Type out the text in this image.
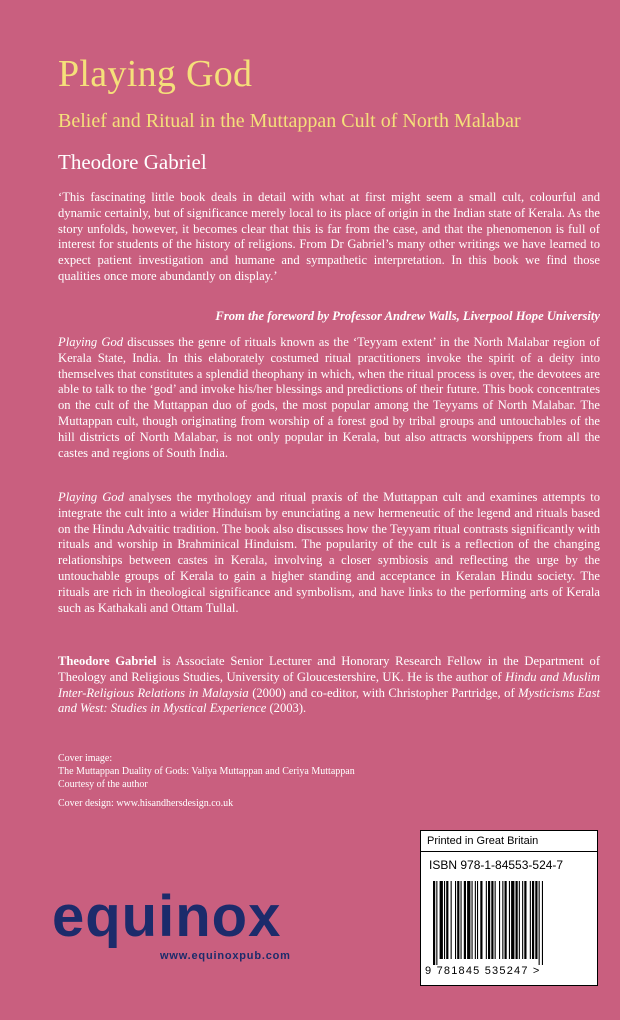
Playing God
Belief and Ritual in the Muttappan Cult of North Malabar
Theodore Gabriel
‘This fascinating little book deals in detail with what at first might seem a small cult, colourful and dynamic certainly, but of significance merely local to its place of origin in the Indian state of Kerala. As the story unfolds, however, it becomes clear that this is far from the case, and that the phenomenon is full of interest for students of the history of religions. From Dr Gabriel’s many other writings we have learned to expect patient investigation and humane and sympathetic interpretation. In this book we find those qualities once more abundantly on display.’
From the foreword by Professor Andrew Walls, Liverpool Hope University
Playing God discusses the genre of rituals known as the ‘Teyyam extent’ in the North Malabar region of Kerala State, India. In this elaborately costumed ritual practitioners invoke the spirit of a deity into themselves that constitutes a splendid theophany in which, when the ritual process is over, the devotees are able to talk to the ‘god’ and invoke his/her blessings and predictions of their future. This book concentrates on the cult of the Muttappan duo of gods, the most popular among the Teyyams of North Malabar. The Muttappan cult, though originating from worship of a forest god by tribal groups and untouchables of the hill districts of North Malabar, is not only popular in Kerala, but also attracts worshippers from all the castes and regions of South India.
Playing God analyses the mythology and ritual praxis of the Muttappan cult and examines attempts to integrate the cult into a wider Hinduism by enunciating a new hermeneutic of the legend and rituals based on the Hindu Advaitic tradition. The book also discusses how the Teyyam ritual contrasts significantly with rituals and worship in Brahminical Hinduism. The popularity of the cult is a reflection of the changing relationships between castes in Kerala, involving a closer symbiosis and reflecting the urge by the untouchable groups of Kerala to gain a higher standing and acceptance in Keralan Hindu society. The rituals are rich in theological significance and symbolism, and have links to the performing arts of Kerala such as Kathakali and Ottam Tullal.
Theodore Gabriel is Associate Senior Lecturer and Honorary Research Fellow in the Department of Theology and Religious Studies, University of Gloucestershire, UK. He is the author of Hindu and Muslim Inter-Religious Relations in Malaysia (2000) and co-editor, with Christopher Partridge, of Mysticisms East and West: Studies in Mystical Experience (2003).
Cover image:
The Muttappan Duality of Gods: Valiya Muttappan and Ceriya Muttappan
Courtesy of the author
Cover design: www.hisandhersdesign.co.uk
Printed in Great Britain
ISBN 978-1-84553-524-7
9 781845 535247 >
equinox
www.equinoxpub.com
